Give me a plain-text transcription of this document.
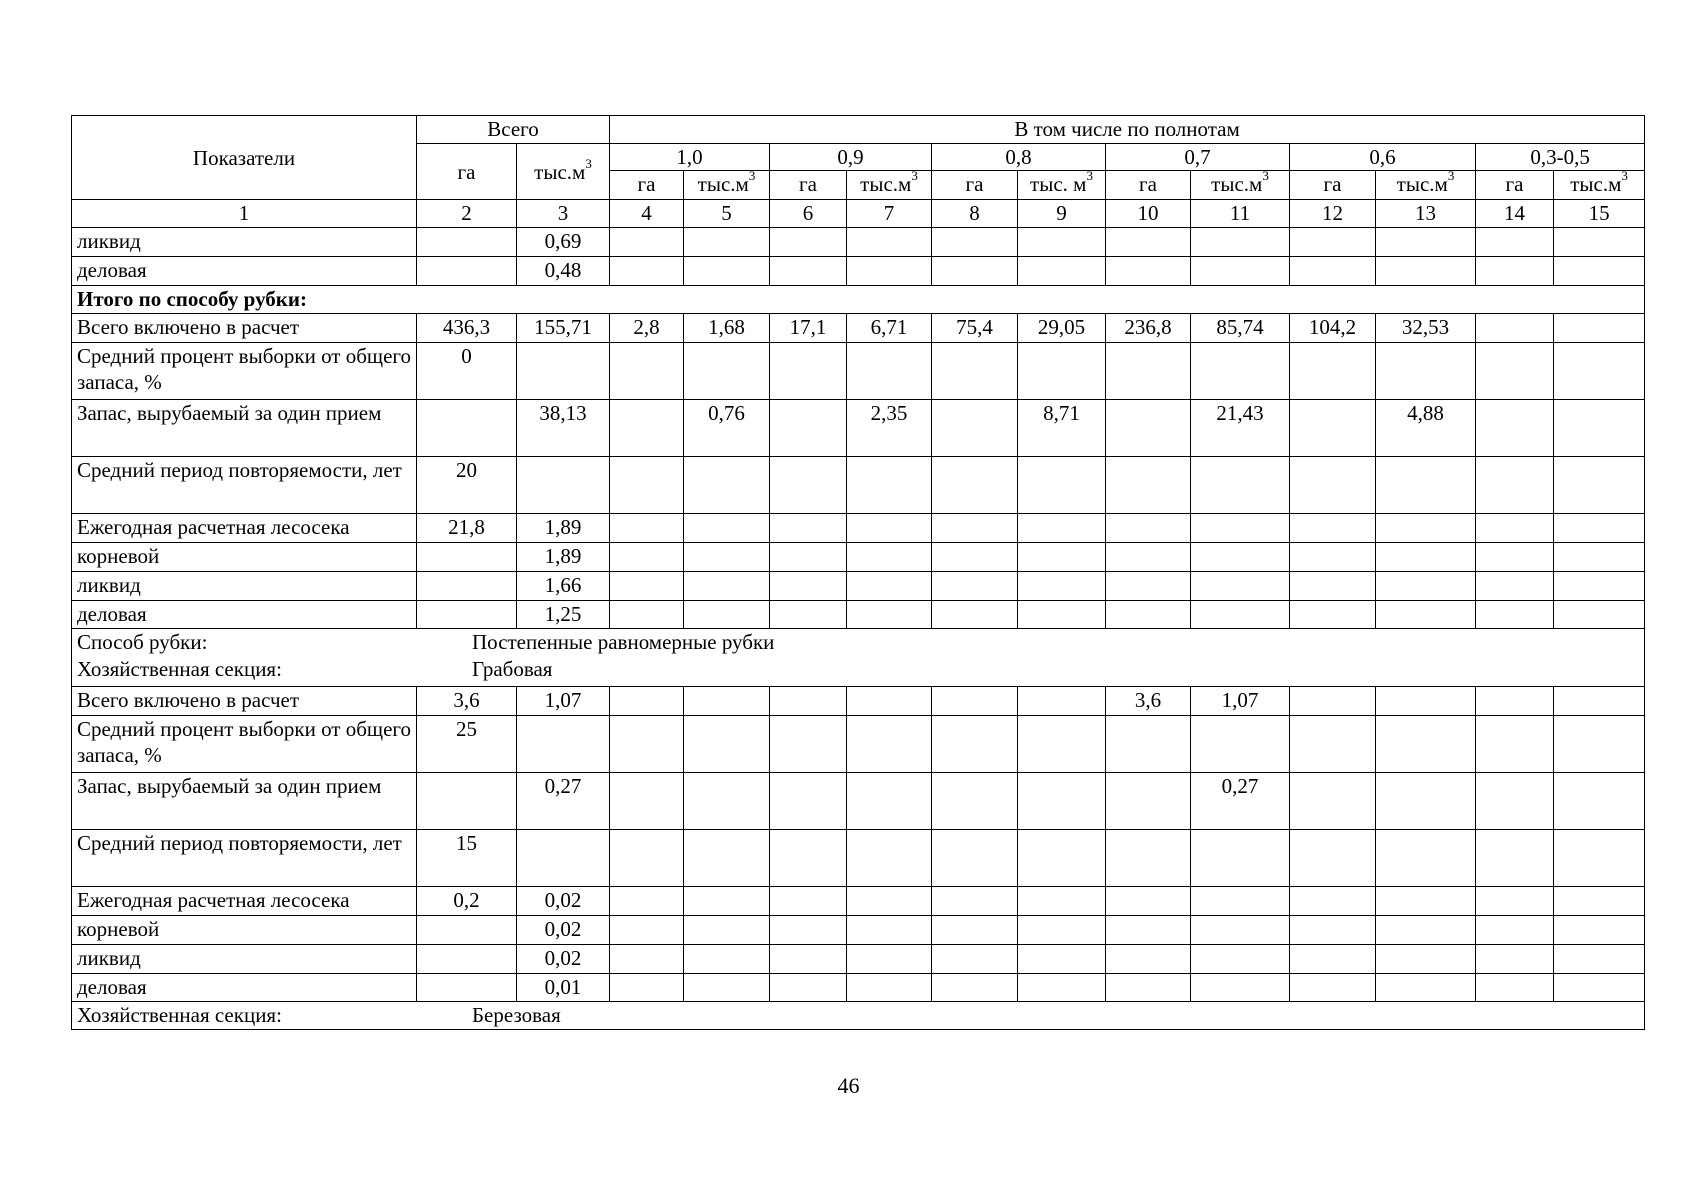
Показатели	Всего		В том числе по полнотам											
	га	$тыс.м^3$	1,0		0,9		0,8		0,7		0,6		0,3-0,5	
			га	$тыс.м^3$	га	$тыс.м^3$	га	тыс. $м^3$	га	$тыс.м^3$	га	$тыс.м^3$	га	$тыс.м^3$
1	2	3	4	5	6	7	8	9	10	11	12	13	14	15
ликвид		0,69												
деловая		0,48												
Итого по способу рубки:														
Всего включено в расчет	436,3	155,71	2,8	1,68	17,1	6,71	75,4	29,05	236,8	85,74	104,2	32,53		
Средний процент выборки от общего запаса, %	0													
Запас, вырубаемый за один прием		38,13		0,76		2,35		8,71		21,43		4,88		
Средний период повторяемости, лет	20													
Ежегодная расчетная лесосека	21,8	1,89												
корневой		1,89												
ликвид		1,66												
деловая		1,25												

Способ рубки: Постепенные равномерные рубки
Хозяйственная секция: Грабовая														

Всего включено в расчет	3,6	1,07							3,6	1,07				
Средний процент выборки от общего запаса, %	25													
Запас, вырубаемый за один прием		0,27								0,27				
Средний период повторяемости, лет	15													
Ежегодная расчетная лесосека	0,2	0,02												
корневой		0,02												
ликвид		0,02												
деловая		0,01												

Хозяйственная секция: Березовая														
46
